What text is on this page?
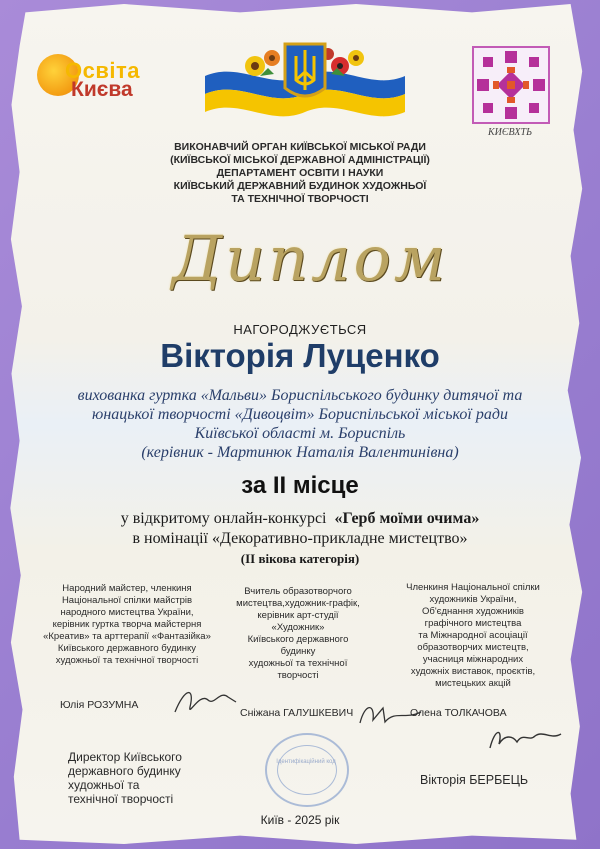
Освіта
Києва
КИЄВХТЬ
ВИКОНАВЧИЙ ОРГАН КИЇВСЬКОЇ МІСЬКОЇ РАДИ
(КИЇВСЬКОЇ МІСЬКОЇ ДЕРЖАВНОЇ АДМІНІСТРАЦІЇ)
ДЕПАРТАМЕНТ ОСВІТИ І НАУКИ
КИЇВСЬКИЙ ДЕРЖАВНИЙ БУДИНОК ХУДОЖНЬОЇ
ТА ТЕХНІЧНОЇ ТВОРЧОСТІ
Диплом
НАГОРОДЖУЄТЬСЯ
Вікторія Луценко
вихованка гуртка «Мальви» Бориспільського будинку дитячої та
юнацької творчості «Дивоцвіт» Бориспільської міської ради
Київської області м. Бориспіль
(керівник - Мартинюк Наталія Валентинівна)
за ІІ місце
у відкритому онлайн-конкурсі «Герб моїми очима»
в номінації «Декоративно-прикладне мистецтво»
(ІІ вікова категорія)
Народний майстер, членкиня
Національної спілки майстрів
народного мистецтва України,
керівник гуртка творча майстерня
«Креатив» та арттерапії «Фантазійка»
Київського державного будинку
художньої та технічної творчості
Вчитель образотворчого
мистецтва,художник-графік,
керівник арт-студії
«Художник»
Київського державного
будинку
художньої та технічної
творчості
Членкиня Національної спілки
художників України,
Об'єднання художників
графічного мистецтва
та Міжнародної асоціації
образотворчих мистецтв,
учасниця міжнародних
художніх виставок, проєктів,
мистецьких акцій
Юлія РОЗУМНА
Сніжана ГАЛУШКЕВИЧ	Олена ТОЛКАЧОВА
Директор Київського
державного будинку
художньої та
технічної творчості
Вікторія БЕРБЕЦЬ
Ідентифікаційний код
Київ - 2025 рік
